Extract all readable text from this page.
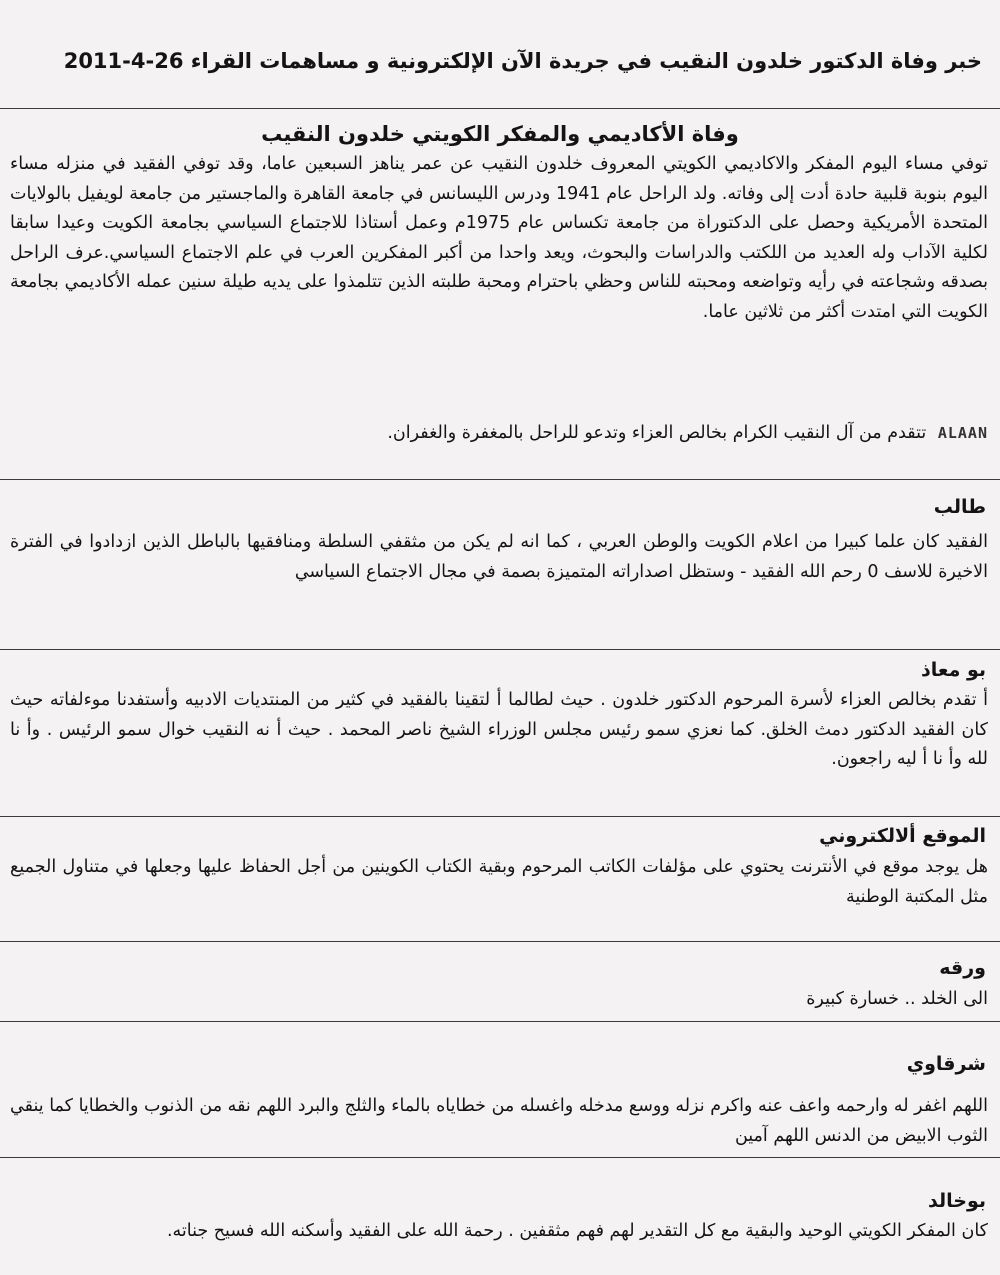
خبر وفاة الدكتور خلدون النقيب في جريدة الآن الإلكترونية و مساهمات القراء 26-4-2011
وفاة الأكاديمي والمفكر الكويتي خلدون النقيب
توفي مساء اليوم المفكر والاكاديمي الكويتي المعروف خلدون النقيب عن عمر يناهز السبعين عاما، وقد توفي الفقيد في منزله مساء اليوم بنوبة قلبية حادة أدت إلى وفاته. ولد الراحل عام 1941 ودرس الليسانس في جامعة القاهرة والماجستير من جامعة لويفيل بالولايات المتحدة الأمريكية وحصل على الدكتوراة من جامعة تكساس عام 1975م وعمل أستاذا للاجتماع السياسي بجامعة الكويت وعيدا سابقا لكلية الآداب وله العديد من اللكتب والدراسات والبحوث، ويعد واحدا من أكبر المفكرين العرب في علم الاجتماع السياسي.عرف الراحل بصدقه وشجاعته في رأيه وتواضعه ومحبته للناس وحظي باحترام ومحبة طلبته الذين تتلمذوا على يديه طيلة سنين عمله الأكاديمي بجامعة الكويت التي امتدت أكثر من ثلاثين عاما.
ALAAN تتقدم من آل النقيب الكرام بخالص العزاء وتدعو للراحل بالمغفرة والغفران.
طالب
الفقيد كان علما كبيرا من اعلام الكويت والوطن العربي ، كما انه لم يكن من مثقفي السلطة ومنافقيها بالباطل الذين ازدادوا في الفترة الاخيرة للاسف 0 رحم الله الفقيد - وستظل اصداراته المتميزة بصمة في مجال الاجتماع السياسي
بو معاذ
أ تقدم بخالص العزاء لأسرة المرحوم الدكتور خلدون . حيث لطالما أ لتقينا بالفقيد في كثير من المنتديات الادبيه وأستفدنا موءلفاته حيث كان الفقيد الدكتور دمث الخلق. كما نعزي سمو رئيس مجلس الوزراء الشيخ ناصر المحمد . حيث أ نه النقيب خوال سمو الرئيس . وأ نا لله وأ نا أ ليه راجعون.
الموقع ألالكتروني
هل يوجد موقع في الأنترنت يحتوي على مؤلفات الكاتب المرحوم وبقية الكتاب الكوينين من أجل الحفاظ عليها وجعلها في متناول الجميع مثل المكتبة الوطنية
ورقه
الى الخلد .. خسارة كبيرة
شرقاوي
اللهم اغفر له وارحمه واعف عنه واكرم نزله ووسع مدخله واغسله من خطاياه بالماء والثلج والبرد اللهم نقه من الذنوب والخطايا كما ينقي الثوب الابيض من الدنس اللهم آمين
بوخالد
كان المفكر الكويتي الوحيد والبقية مع كل التقدير لهم فهم مثقفين . رحمة الله على الفقيد وأسكنه الله فسيح جناته.
